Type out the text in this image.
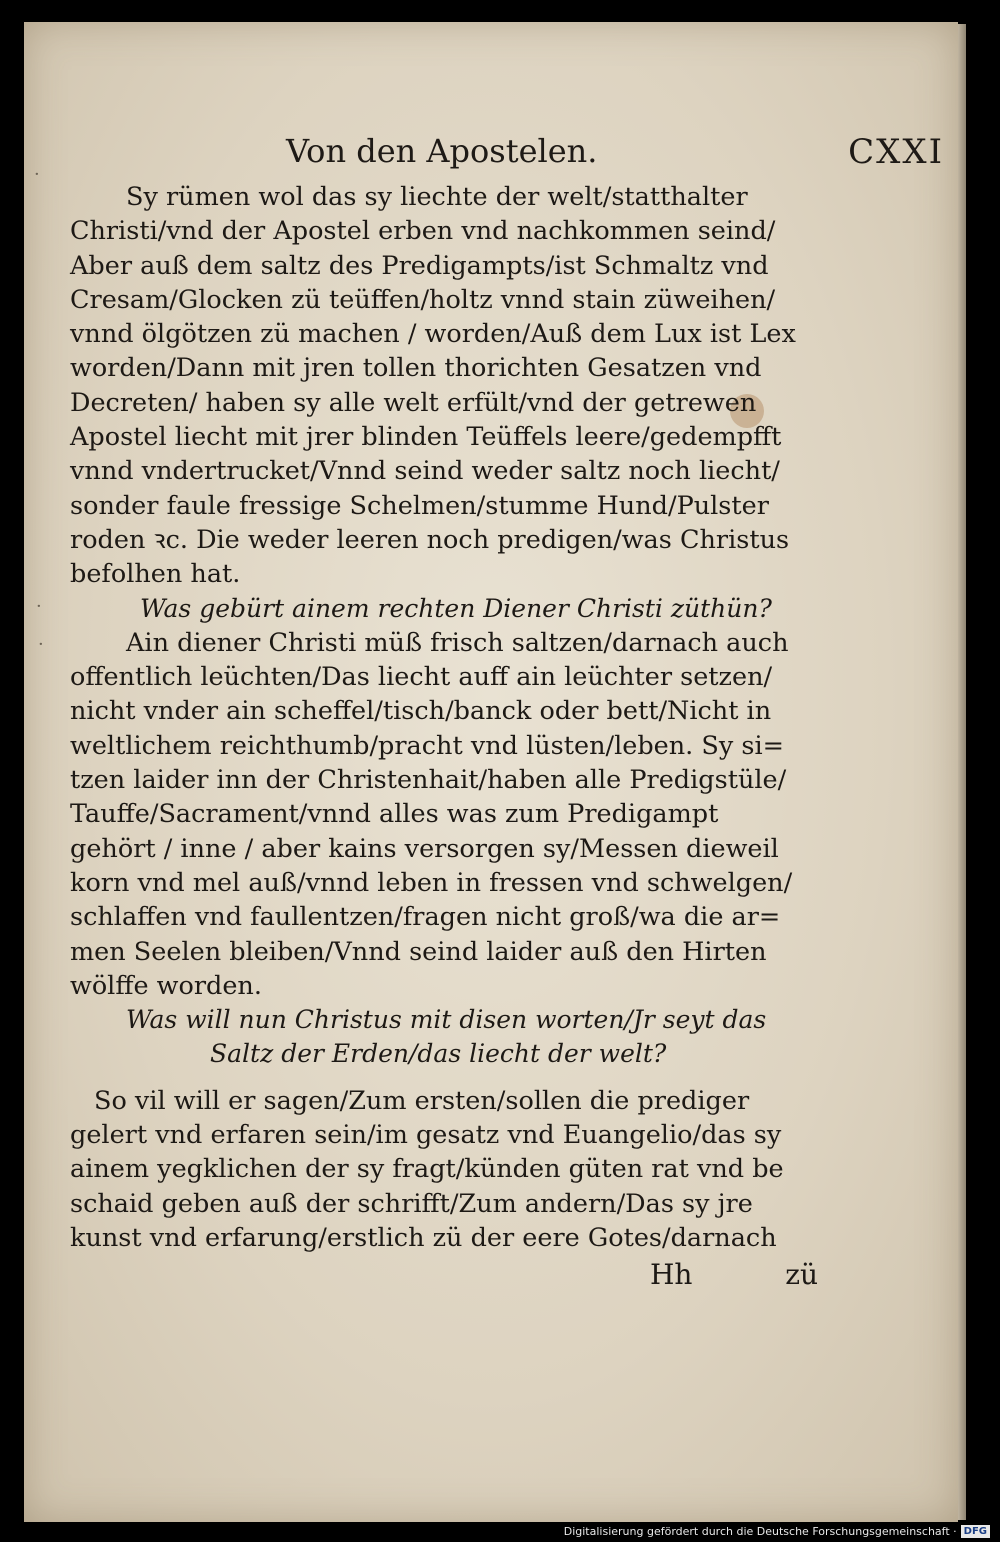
·
·
·
Von den Apostelen.	CXXI
Sy rümen wol das sy liechte der welt/statthalter
Christi/vnd der Apostel erben vnd nachkommen seind/
Aber auß dem saltz des Predigampts/ist Schmaltz vnd
Cresam/Glocken zü teüffen/holtz vnnd stain züweihen/
vnnd ölgötzen zü machen / worden/Auß dem Lux ist Lex
worden/Dann mit jren tollen thorichten Gesatzen vnd
Decreten/ haben sy alle welt erfült/vnd der getrewen
Apostel liecht mit jrer blinden Teüffels leere/gedempfft
vnnd vndertrucket/Vnnd seind weder saltz noch liecht/
sonder faule fressige Schelmen/stumme Hund/Pulster
roden ꝛc. Die weder leeren noch predigen/was Christus
befolhen hat.
Was gebürt ainem rechten Diener Christi züthün?
Ain diener Christi müß frisch saltzen/darnach auch
offentlich leüchten/Das liecht auff ain leüchter setzen/
nicht vnder ain scheffel/tisch/banck oder bett/Nicht in
weltlichem reichthumb/pracht vnd lüsten/leben. Sy si=
tzen laider inn der Christenhait/haben alle Predigstüle/
Tauffe/Sacrament/vnnd alles was zum Predigampt
gehört / inne / aber kains versorgen sy/Messen dieweil
korn vnd mel auß/vnnd leben in fressen vnd schwelgen/
schlaffen vnd faullentzen/fragen nicht groß/wa die ar=
men Seelen bleiben/Vnnd seind laider auß den Hirten
wölffe worden.
Was will nun Christus mit disen worten/Jr seyt das
Saltz der Erden/das liecht der welt?
So vil will er sagen/Zum ersten/sollen die prediger
gelert vnd erfaren sein/im gesatz vnd Euangelio/das sy
ainem yegklichen der sy fragt/künden güten rat vnd be
schaid geben auß der schrifft/Zum andern/Das sy jre
kunst vnd erfarung/erstlich zü der eere Gotes/darnach
Hh	zü
Digitalisierung gefördert durch die Deutsche Forschungsgemeinschaft · DFG
